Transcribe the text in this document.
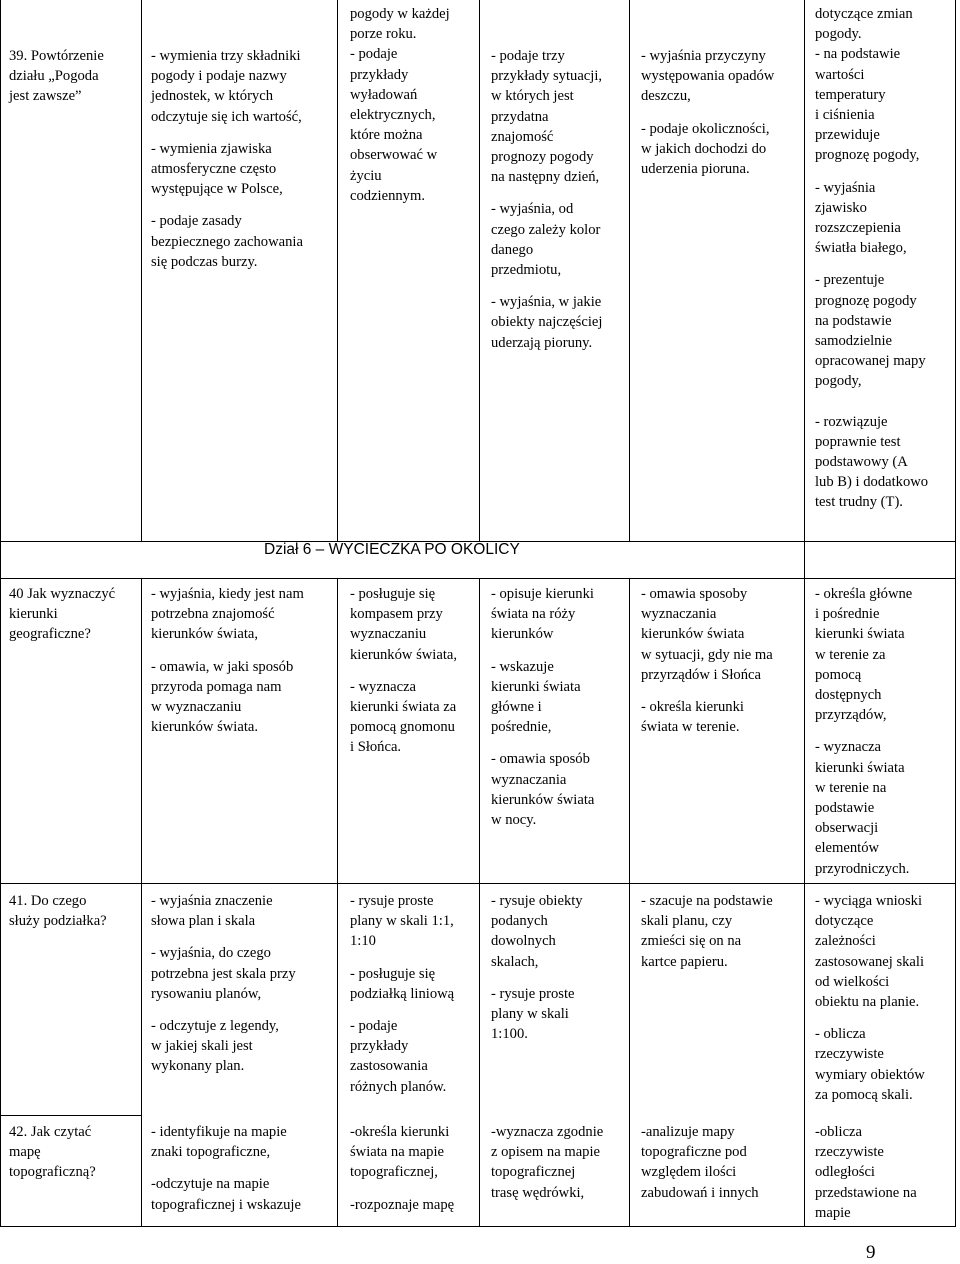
39. Powtórzenie
działu „Pogoda
jest zawsze”

- wymienia trzy składniki
pogody i podaje nazwy
jednostek, w których
odczytuje się ich wartość,

- wymienia zjawiska
atmosferyczne często
występujące w Polsce,

- podaje zasady
bezpiecznego zachowania
się podczas burzy.

pogody w każdej
porze roku.
- podaje
przykłady
wyładowań
elektrycznych,
które można
obserwować w
życiu
codziennym.

- podaje trzy
przykłady sytuacji,
w których jest
przydatna
znajomość
prognozy pogody
na następny dzień,

- wyjaśnia, od
czego zależy kolor
danego
przedmiotu,

- wyjaśnia, w jakie
obiekty najczęściej
uderzają pioruny.

- wyjaśnia przyczyny
występowania opadów
deszczu,

- podaje okoliczności,
w jakich dochodzi do
uderzenia pioruna.

dotyczące zmian
pogody.
- na podstawie
wartości
temperatury
i ciśnienia
przewiduje
prognozę pogody,

- wyjaśnia
zjawisko
rozszczepienia
światła białego,

- prezentuje
prognozę pogody
na podstawie
samodzielnie
opracowanej mapy
pogody,

- rozwiązuje
poprawnie test
podstawowy (A
lub B) i dodatkowo
test trudny (T).

Dział 6 – WYCIECZKA PO OKOLICY

40 Jak wyznaczyć
kierunki
geograficzne?

- wyjaśnia, kiedy jest nam
potrzebna znajomość
kierunków świata,

- omawia, w jaki sposób
przyroda pomaga nam
w wyznaczaniu
kierunków świata.

- posługuje się
kompasem przy
wyznaczaniu
kierunków świata,

- wyznacza
kierunki świata za
pomocą gnomonu
i Słońca.

- opisuje kierunki
świata na róży
kierunków

- wskazuje
kierunki świata
główne i
pośrednie,

- omawia sposób
wyznaczania
kierunków świata
w nocy.

- omawia sposoby
wyznaczania
kierunków świata
w sytuacji, gdy nie ma
przyrządów i Słońca

- określa kierunki
świata w terenie.

- określa główne
i pośrednie
kierunki świata
w terenie za
pomocą
dostępnych
przyrządów,

- wyznacza
kierunki świata
w terenie na
podstawie
obserwacji
elementów
przyrodniczych.

41. Do czego
służy podziałka?

- wyjaśnia znaczenie
słowa plan i skala

- wyjaśnia, do czego
potrzebna jest skala przy
rysowaniu planów,

- odczytuje z legendy,
w jakiej skali jest
wykonany plan.

- rysuje proste
plany w skali 1:1,
1:10

- posługuje się
podziałką liniową

- podaje
przykłady
zastosowania
różnych planów.

- rysuje obiekty
podanych
dowolnych
skalach,

- rysuje proste
plany w skali
1:100.

- szacuje na podstawie
skali planu, czy
zmieści się on na
kartce papieru.

- wyciąga wnioski
dotyczące
zależności
zastosowanej skali
od wielkości
obiektu na planie.

- oblicza
rzeczywiste
wymiary obiektów
za pomocą skali.

42. Jak czytać
mapę
topograficzną?

- identyfikuje na mapie
znaki topograficzne,

-odczytuje na mapie
topograficznej i wskazuje

-określa kierunki
świata na mapie
topograficznej,

-rozpoznaje mapę

-wyznacza zgodnie
z opisem na mapie
topograficznej
trasę wędrówki,

-analizuje mapy
topograficzne pod
względem ilości
zabudowań i innych

-oblicza
rzeczywiste
odległości
przedstawione na
mapie

9
